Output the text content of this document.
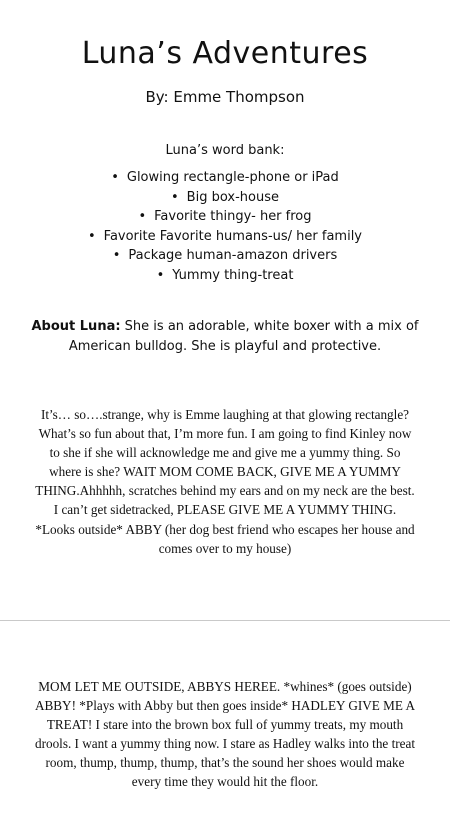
Luna’s Adventures
By: Emme Thompson
Luna’s word bank:
• Glowing rectangle-phone or iPad
• Big box-house
• Favorite thingy- her frog
• Favorite Favorite humans-us/ her family
• Package human-amazon drivers
• Yummy thing-treat
About Luna: She is an adorable, white boxer with a mix of American bulldog. She is playful and protective.
It’s… so….strange, why is Emme laughing at that glowing rectangle? What’s so fun about that, I’m more fun. I am going to find Kinley now to she if she will acknowledge me and give me a yummy thing. So where is she? WAIT MOM COME BACK, GIVE ME A YUMMY THING.Ahhhhh, scratches behind my ears and on my neck are the best. I can’t get sidetracked, PLEASE GIVE ME A YUMMY THING. *Looks outside* ABBY (her dog best friend who escapes her house and comes over to my house)
MOM LET ME OUTSIDE, ABBYS HEREE. *whines* (goes outside) ABBY! *Plays with Abby but then goes inside* HADLEY GIVE ME A TREAT! I stare into the brown box full of yummy treats, my mouth drools. I want a yummy thing now. I stare as Hadley walks into the treat room, thump, thump, thump, that’s the sound her shoes would make every time they would hit the floor.
